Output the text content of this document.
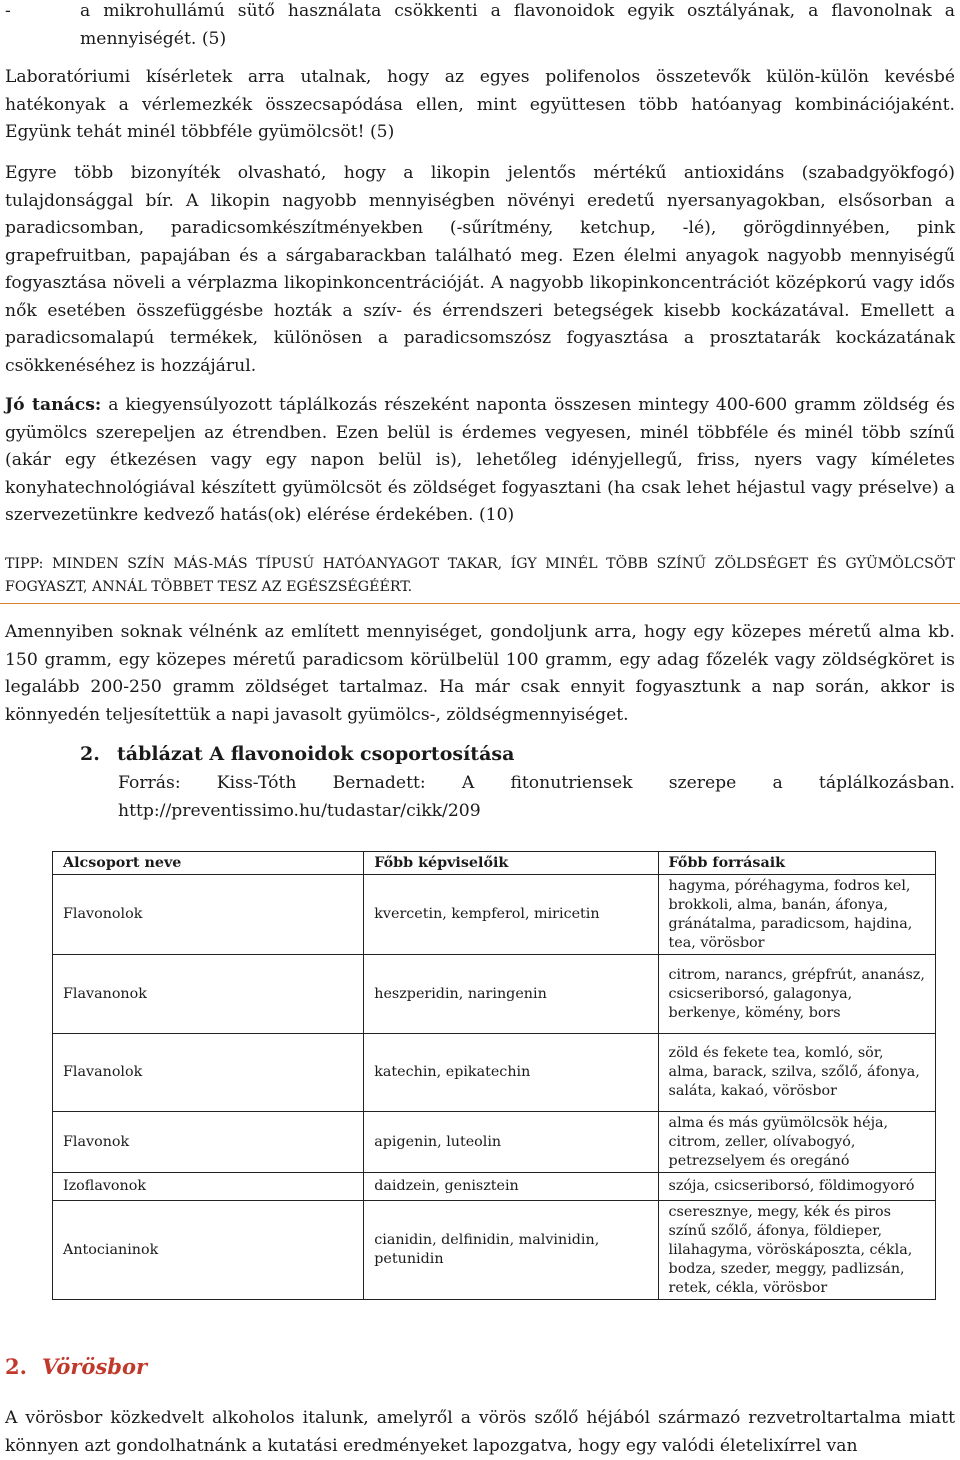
-	a mikrohullámú sütő használata csökkenti a flavonoidok egyik osztályának, a flavonolnak a mennyiségét. (5)

Laboratóriumi kísérletek arra utalnak, hogy az egyes polifenolos összetevők külön-külön kevésbé hatékonyak a vérlemezkék összecsapódása ellen, mint együttesen több hatóanyag kombinációjaként. Együnk tehát minél többféle gyümölcsöt! (5)

Egyre több bizonyíték olvasható, hogy a likopin jelentős mértékű antioxidáns (szabadgyökfogó) tulajdonsággal bír. A likopin nagyobb mennyiségben növényi eredetű nyersanyagokban, elsősorban a paradicsomban, paradicsomkészítményekben (-sűrítmény, ketchup, -lé), görögdinnyében, pink grapefruitban, papajában és a sárgabarackban található meg. Ezen élelmi anyagok nagyobb mennyiségű fogyasztása növeli a vérplazma likopinkoncentrációját. A nagyobb likopinkoncentrációt középkorú vagy idős nők esetében összefüggésbe hozták a szív- és érrendszeri betegségek kisebb kockázatával. Emellett a paradicsomalapú termékek, különösen a paradicsomszósz fogyasztása a prosztatarák kockázatának csökkenéséhez is hozzájárul.

Jó tanács: a kiegyensúlyozott táplálkozás részeként naponta összesen mintegy 400-600 gramm zöldség és gyümölcs szerepeljen az étrendben. Ezen belül is érdemes vegyesen, minél többféle és minél több színű (akár egy étkezésen vagy egy napon belül is), lehetőleg idényjellegű, friss, nyers vagy kíméletes konyhatechnológiával készített gyümölcsöt és zöldséget fogyasztani (ha csak lehet héjastul vagy préselve) a szervezetünkre kedvező hatás(ok) elérése érdekében. (10)

TIPP: MINDEN SZÍN MÁS-MÁS TÍPUSÚ HATÓANYAGOT TAKAR, ÍGY MINÉL TÖBB SZÍNŰ ZÖLDSÉGET ÉS GYÜMÖLCSÖT FOGYASZT, ANNÁL TÖBBET TESZ AZ EGÉSZSÉGÉÉRT.

Amennyiben soknak vélnénk az említett mennyiséget, gondoljunk arra, hogy egy közepes méretű alma kb. 150 gramm, egy közepes méretű paradicsom körülbelül 100 gramm, egy adag főzelék vagy zöldségköret is legalább 200-250 gramm zöldséget tartalmaz. Ha már csak ennyit fogyasztunk a nap során, akkor is könnyedén teljesítettük a napi javasolt gyümölcs-, zöldségmennyiséget.

2. táblázat A flavonoidok csoportosítása

Forrás: Kiss-Tóth Bernadett: A fitonutriensek szerepe a táplálkozásban.

http://preventissimo.hu/tudastar/cikk/209
Alcsoport neve	Főbb képviselőik	Főbb forrásaik
Flavonolok	kvercetin, kempferol, miricetin	hagyma, póréhagyma, fodros kel, brokkoli, alma, banán, áfonya, gránátalma, paradicsom, hajdina, tea, vörösbor
Flavanonok	heszperidin, naringenin	citrom, narancs, grépfrút, ananász, csicseriborsó, galagonya, berkenye, kömény, bors
Flavanolok	katechin, epikatechin	zöld és fekete tea, komló, sör, alma, barack, szilva, szőlő, áfonya, saláta, kakaó, vörösbor
Flavonok	apigenin, luteolin	alma és más gyümölcsök héja, citrom, zeller, olívabogyó, petrezselyem és oregánó
Izoflavonok	daidzein, genisztein	szója, csicseriborsó, földimogyoró
Antocianinok	cianidin, delfinidin, malvinidin, petunidin	cseresznye, megy, kék és piros színű szőlő, áfonya, földieper, lilahagyma, vöröskáposzta, cékla, bodza, szeder, meggy, padlizsán, retek, cékla, vörösbor
2. Vörösbor

A vörösbor közkedvelt alkoholos italunk, amelyről a vörös szőlő héjából származó rezvetroltartalma miatt könnyen azt gondolhatnánk a kutatási eredményeket lapozgatva, hogy egy valódi életelixírrel van
